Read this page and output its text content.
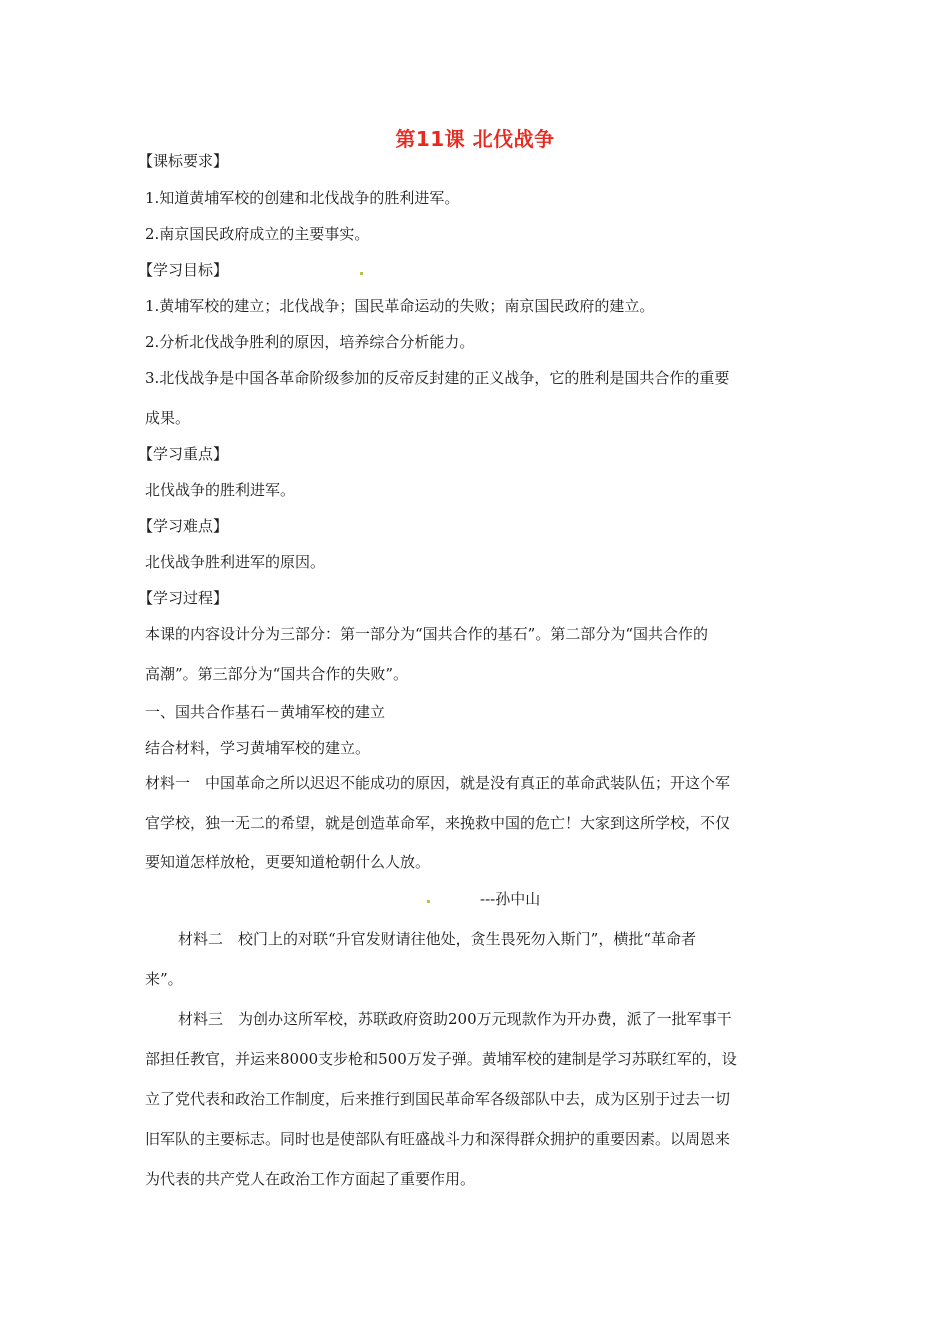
第11课 北伐战争
【课标要求】
1.知道黄埔军校的创建和北伐战争的胜利进军。
2.南京国民政府成立的主要事实。
【学习目标】
1.黄埔军校的建立；北伐战争；国民革命运动的失败；南京国民政府的建立。
2.分析北伐战争胜利的原因，培养综合分析能力。
3.北伐战争是中国各革命阶级参加的反帝反封建的正义战争，它的胜利是国共合作的重要
成果。
【学习重点】
北伐战争的胜利进军。
【学习难点】
北伐战争胜利进军的原因。
【学习过程】
本课的内容设计分为三部分：第一部分为“国共合作的基石”。第二部分为“国共合作的
高潮”。第三部分为“国共合作的失败”。
一、国共合作基石－黄埔军校的建立
结合材料，学习黄埔军校的建立。
材料一　中国革命之所以迟迟不能成功的原因，就是没有真正的革命武装队伍；开这个军
官学校，独一无二的希望，就是创造革命军，来挽救中国的危亡！大家到这所学校，不仅
要知道怎样放枪，更要知道枪朝什么人放。
---孙中山
材料二　校门上的对联“升官发财请往他处，贪生畏死勿入斯门”，横批“革命者
来”。
材料三　为创办这所军校，苏联政府资助200万元现款作为开办费，派了一批军事干
部担任教官，并运来8000支步枪和500万发子弹。黄埔军校的建制是学习苏联红军的，设
立了党代表和政治工作制度，后来推行到国民革命军各级部队中去，成为区别于过去一切
旧军队的主要标志。同时也是使部队有旺盛战斗力和深得群众拥护的重要因素。以周恩来
为代表的共产党人在政治工作方面起了重要作用。
